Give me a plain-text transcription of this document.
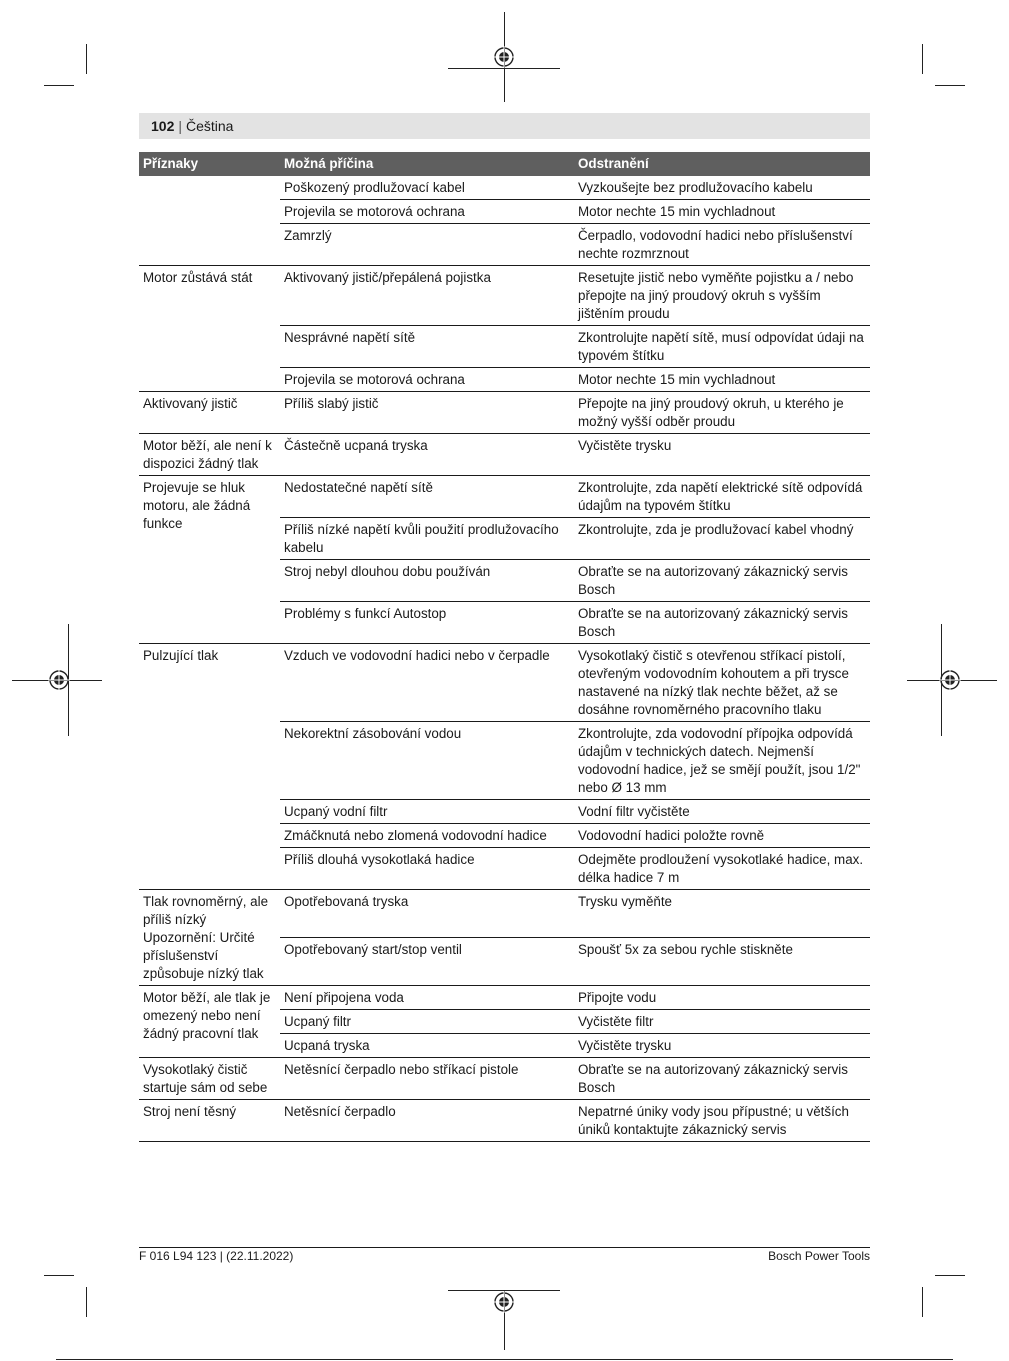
102 | Čeština
Příznaky	Možná příčina	Odstranění
	Poškozený prodlužovací kabel	Vyzkoušejte bez prodlužovacího kabelu
	Projevila se motorová ochrana	Motor nechte 15 min vychladnout
	Zamrzlý	Čerpadlo, vodovodní hadici nebo příslušenství nechte rozmrznout
Motor zůstává stát	Aktivovaný jistič/přepálená pojistka	Resetujte jistič nebo vyměňte pojistku a / nebo přepojte na jiný proudový okruh s vyšším jištěním proudu
	Nesprávné napětí sítě	Zkontrolujte napětí sítě, musí odpovídat údaji na typovém štítku
	Projevila se motorová ochrana	Motor nechte 15 min vychladnout
Aktivovaný jistič	Příliš slabý jistič	Přepojte na jiný proudový okruh, u kterého je možný vyšší odběr proudu
Motor běží, ale není k dispozici žádný tlak	Částečně ucpaná tryska	Vyčistěte trysku
Projevuje se hluk motoru, ale žádná funkce	Nedostatečné napětí sítě	Zkontrolujte, zda napětí elektrické sítě odpovídá údajům na typovém štítku
	Příliš nízké napětí kvůli použití prodlužovacího kabelu	Zkontrolujte, zda je prodlužovací kabel vhodný
	Stroj nebyl dlouhou dobu používán	Obraťte se na autorizovaný zákaznický servis Bosch
	Problémy s funkcí Autostop	Obraťte se na autorizovaný zákaznický servis Bosch
Pulzující tlak	Vzduch ve vodovodní hadici nebo v čerpadle	Vysokotlaký čistič s otevřenou stříkací pistolí, otevřeným vodovodním kohoutem a při trysce nastavené na nízký tlak nechte běžet, až se dosáhne rovnoměrného pracovního tlaku
	Nekorektní zásobování vodou	Zkontrolujte, zda vodovodní přípojka odpovídá údajům v technických datech. Nejmenší vodovodní hadice, jež se smějí použít, jsou 1/2" nebo Ø 13 mm
	Ucpaný vodní filtr	Vodní filtr vyčistěte
	Zmáčknutá nebo zlomená vodovodní hadice	Vodovodní hadici položte rovně
	Příliš dlouhá vysokotlaká hadice	Odejměte prodloužení vysokotlaké hadice, max. délka hadice 7 m
Tlak rovnoměrný, ale příliš nízký Upozornění: Určité příslušenství způsobuje nízký tlak	Opotřebovaná tryska	Trysku vyměňte
	Opotřebovaný start/stop ventil	Spoušť 5x za sebou rychle stiskněte
Motor běží, ale tlak je omezený nebo není žádný pracovní tlak	Není připojena voda	Připojte vodu
	Ucpaný filtr	Vyčistěte filtr
	Ucpaná tryska	Vyčistěte trysku
Vysokotlaký čistič startuje sám od sebe	Netěsnící čerpadlo nebo stříkací pistole	Obraťte se na autorizovaný zákaznický servis Bosch
Stroj není těsný	Netěsnící čerpadlo	Nepatrné úniky vody jsou přípustné; u větších úniků kontaktujte zákaznický servis
F 016 L94 123 | (22.11.2022)	Bosch Power Tools
